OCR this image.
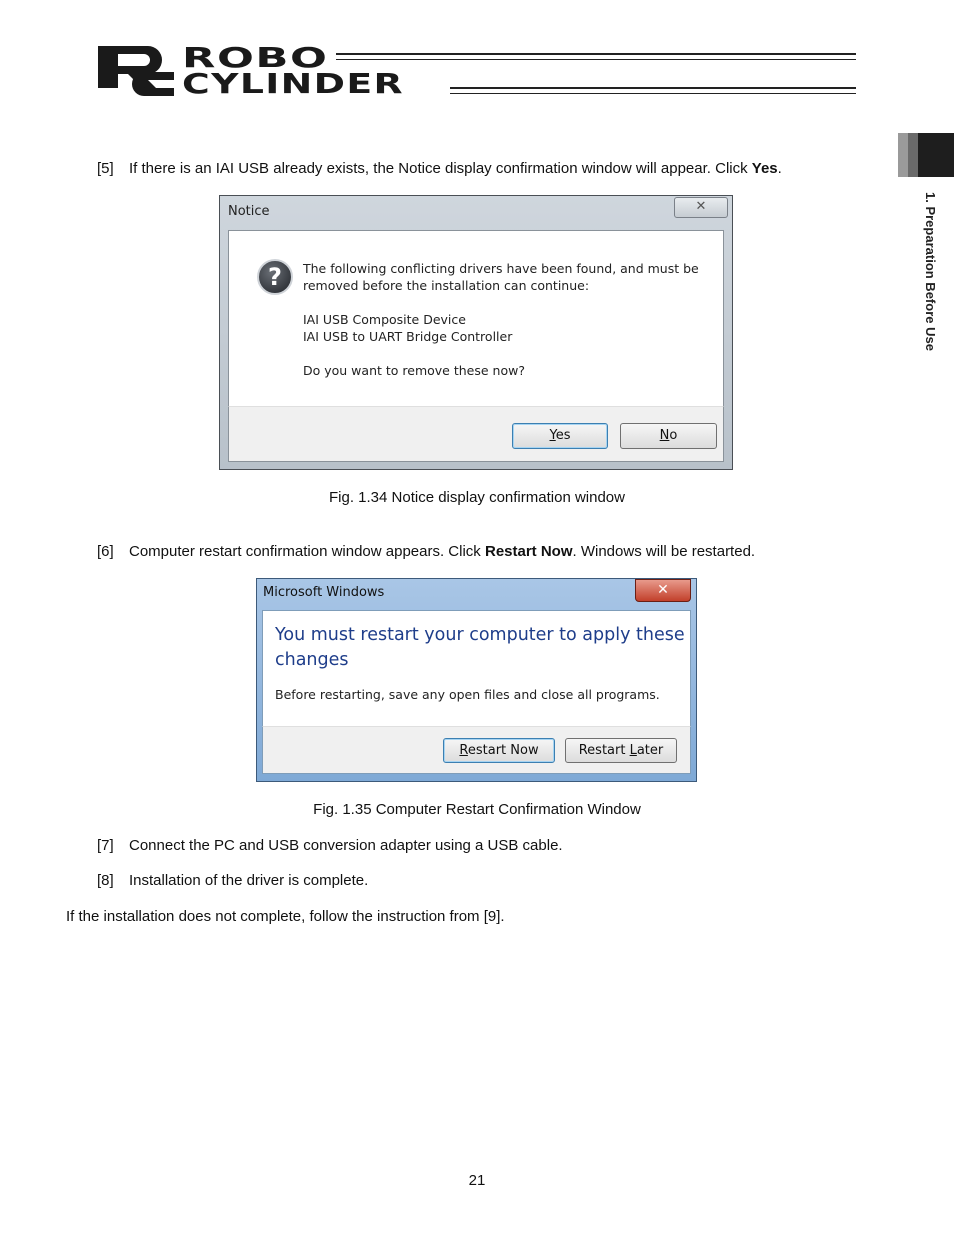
ROBO
CYLINDER
1. Preparation Before Use
[5] If there is an IAI USB already exists, the Notice display confirmation window will appear. Click Yes.
Notice	✕
?	The following conflicting drivers have been found, and must be
removed before the installation can continue:
IAI USB Composite Device
IAI USB to UART Bridge Controller
Do you want to remove these now?
Yes	No
Fig. 1.34 Notice display confirmation window
[6] Computer restart confirmation window appears. Click Restart Now. Windows will be restarted.
Microsoft Windows	✕
You must restart your computer to apply these changes
Before restarting, save any open files and close all programs.
Restart Now	Restart Later
Fig. 1.35 Computer Restart Confirmation Window
[7] Connect the PC and USB conversion adapter using a USB cable.
[8] Installation of the driver is complete.
If the installation does not complete, follow the instruction from [9].
21
